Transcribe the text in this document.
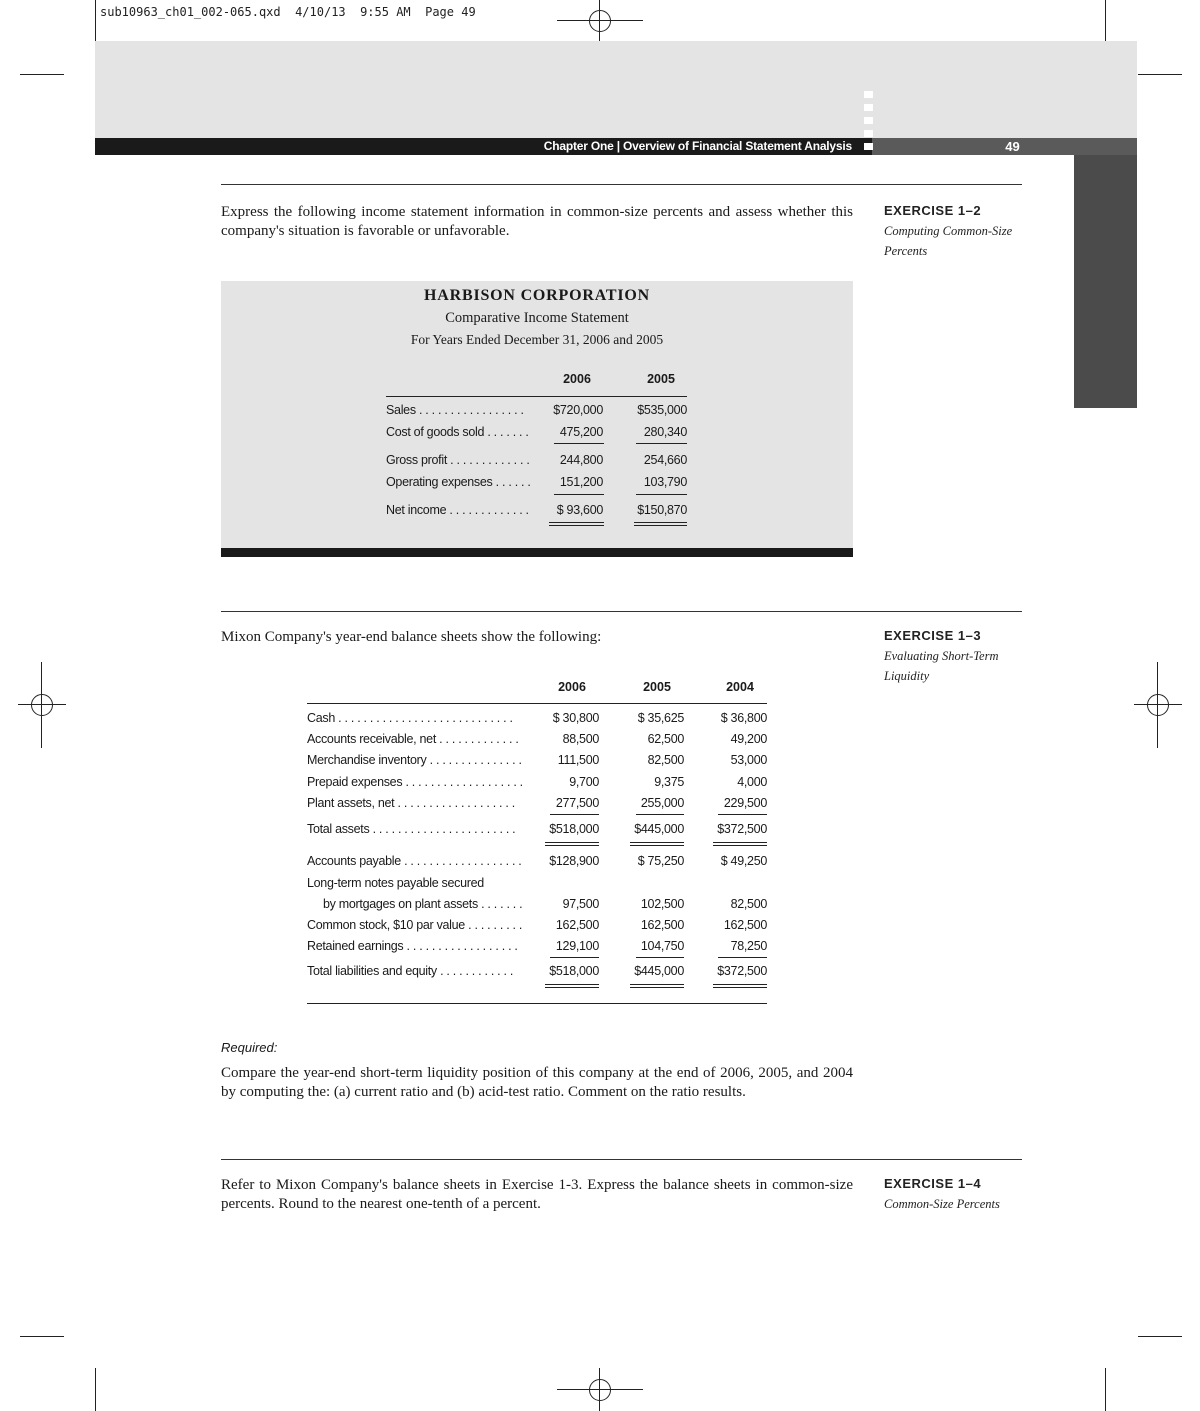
sub10963_ch01_002-065.qxd  4/10/13  9:55 AM  Page 49
Chapter One | Overview of Financial Statement Analysis	49
Express the following income statement information in common-size percents and assess whether this company's situation is favorable or unfavorable.
EXERCISE 1–2
Computing Common-Size
Percents
HARBISON CORPORATION
Comparative Income Statement
For Years Ended December 31, 2006 and 2005
2006	2005
Sales . . . . . . . . . . . . . . . . .	$720,000	$535,000
Cost of goods sold . . . . . . .	475,200	280,340
Gross profit . . . . . . . . . . . . .	244,800	254,660
Operating expenses . . . . . .	151,200	103,790
Net income . . . . . . . . . . . . .	$ 93,600	$150,870
Mixon Company's year-end balance sheets show the following:	EXERCISE 1–3
Evaluating Short-Term
Liquidity
2006	2005	2004
Cash . . . . . . . . . . . . . . . . . . . . . . . . . . . .	$ 30,800	$ 35,625	$ 36,800
Accounts receivable, net . . . . . . . . . . . . .	88,500	62,500	49,200
Merchandise inventory . . . . . . . . . . . . . . .	111,500	82,500	53,000
Prepaid expenses . . . . . . . . . . . . . . . . . . .	9,700	9,375	4,000
Plant assets, net . . . . . . . . . . . . . . . . . . .	277,500	255,000	229,500
Total assets . . . . . . . . . . . . . . . . . . . . . . .	$518,000	$445,000	$372,500
Accounts payable . . . . . . . . . . . . . . . . . . .	$128,900	$ 75,250	$ 49,250
Long-term notes payable secured
by mortgages on plant assets . . . . . . .	97,500	102,500	82,500
Common stock, $10 par value . . . . . . . . .	162,500	162,500	162,500
Retained earnings . . . . . . . . . . . . . . . . . .	129,100	104,750	78,250
Total liabilities and equity . . . . . . . . . . . .	$518,000	$445,000	$372,500
Required:
Compare the year-end short-term liquidity position of this company at the end of 2006, 2005, and 2004 by computing the: (a) current ratio and (b) acid-test ratio. Comment on the ratio results.
Refer to Mixon Company's balance sheets in Exercise 1-3. Express the balance sheets in common-size percents. Round to the nearest one-tenth of a percent.
EXERCISE 1–4
Common-Size Percents
